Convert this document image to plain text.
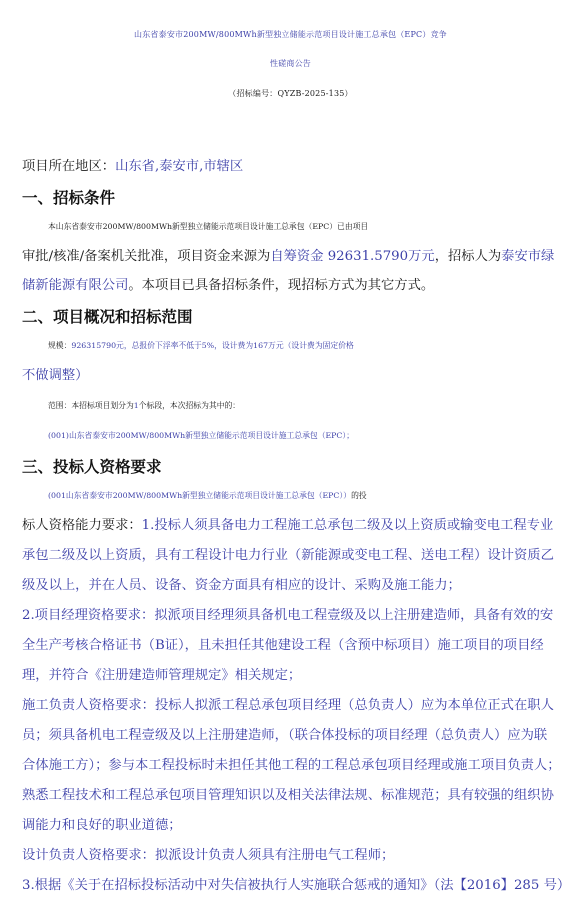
山东省泰安市200MW/800MWh新型独立储能示范项目设计施工总承包（EPC）竞争
性磋商公告
（招标编号：QYZB-2025-135）
项目所在地区：山东省,泰安市,市辖区
一、招标条件
本山东省泰安市200MW/800MWh新型独立储能示范项目设计施工总承包（EPC）已由项目
审批/核准/备案机关批准，项目资金来源为自筹资金 92631.5790万元，招标人为泰安市绿
储新能源有限公司。本项目已具备招标条件，现招标方式为其它方式。
二、项目概况和招标范围
规模：926315790元，总报价下浮率不低于5%，设计费为167万元（设计费为固定价格
不做调整）
范围：本招标项目划分为1个标段，本次招标为其中的：
(001)山东省泰安市200MW/800MWh新型独立储能示范项目设计施工总承包（EPC）；
三、投标人资格要求
(001山东省泰安市200MW/800MWh新型独立储能示范项目设计施工总承包（EPC））的投
标人资格能力要求：1.投标人须具备电力工程施工总承包二级及以上资质或输变电工程专业
承包二级及以上资质，具有工程设计电力行业（新能源或变电工程、送电工程）设计资质乙
级及以上，并在人员、设备、资金方面具有相应的设计、采购及施工能力；
2.项目经理资格要求：拟派项目经理须具备机电工程壹级及以上注册建造师，具备有效的安
全生产考核合格证书（B证），且未担任其他建设工程（含预中标项目）施工项目的项目经
理，并符合《注册建造师管理规定》相关规定；
施工负责人资格要求：投标人拟派工程总承包项目经理（总负责人）应为本单位正式在职人
员；须具备机电工程壹级及以上注册建造师，（联合体投标的项目经理（总负责人）应为联
合体施工方）；参与本工程投标时未担任其他工程的工程总承包项目经理或施工项目负责人；
熟悉工程技术和工程总承包项目管理知识以及相关法律法规、标准规范；具有较强的组织协
调能力和良好的职业道德；
设计负责人资格要求：拟派设计负责人须具有注册电气工程师；
3.根据《关于在招标投标活动中对失信被执行人实施联合惩戒的通知》（法【2016】285 号）
